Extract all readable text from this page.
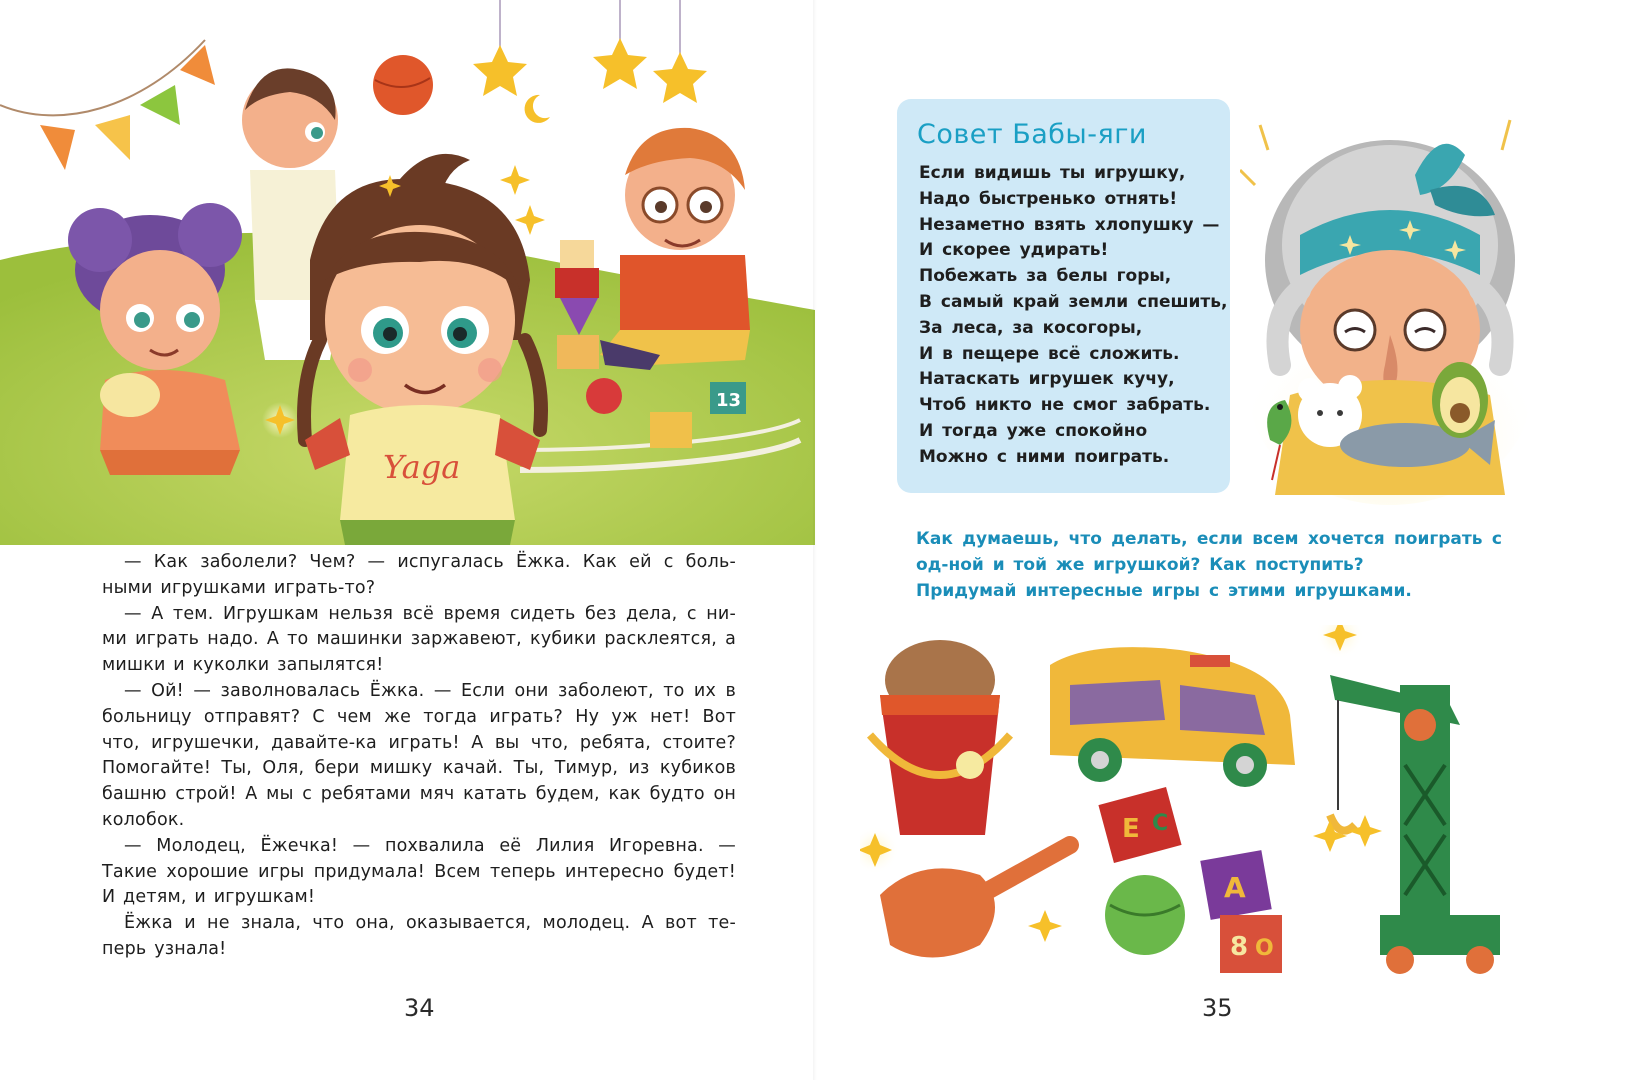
13
Yaga

— Как заболели? Чем? — испугалась Ёжка. Как ей с боль-ными игрушками играть-то?

— А тем. Игрушкам нельзя всё время сидеть без дела, с ни-ми играть надо. А то машинки заржавеют, кубики расклеятся, а мишки и куколки запылятся!

— Ой! — заволновалась Ёжка. — Если они заболеют, то их в больницу отправят? С чем же тогда играть? Ну уж нет! Вот что, игрушечки, давайте-ка играть! А вы что, ребята, стоите? Помогайте! Ты, Оля, бери мишку качай. Ты, Тимур, из кубиков башню строй! А мы с ребятами мяч катать будем, как будто он колобок.

— Молодец, Ёжечка! — похвалила её Лилия Игоревна. — Такие хорошие игры придумала! Всем теперь интересно будет! И детям, и игрушкам!

Ёжка и не знала, что она, оказывается, молодец. А вот те-перь узнала!

34
Совет Бабы-яги
Если видишь ты игрушку,
Надо быстренько отнять!
Незаметно взять хлопушку —
И скорее удирать!
Побежать за белы горы,
В самый край земли спешить,
За леса, за косогоры,
И в пещере всё сложить.
Натаскать игрушек кучу,
Чтоб никто не смог забрать.
И тогда уже спокойно
Можно с ними поиграть.

Как думаешь, что делать, если всем хочется поиграть с од-ной и той же игрушкой? Как поступить?

Придумай интересные игры с этими игрушками.

Е С
А
8 О
35
